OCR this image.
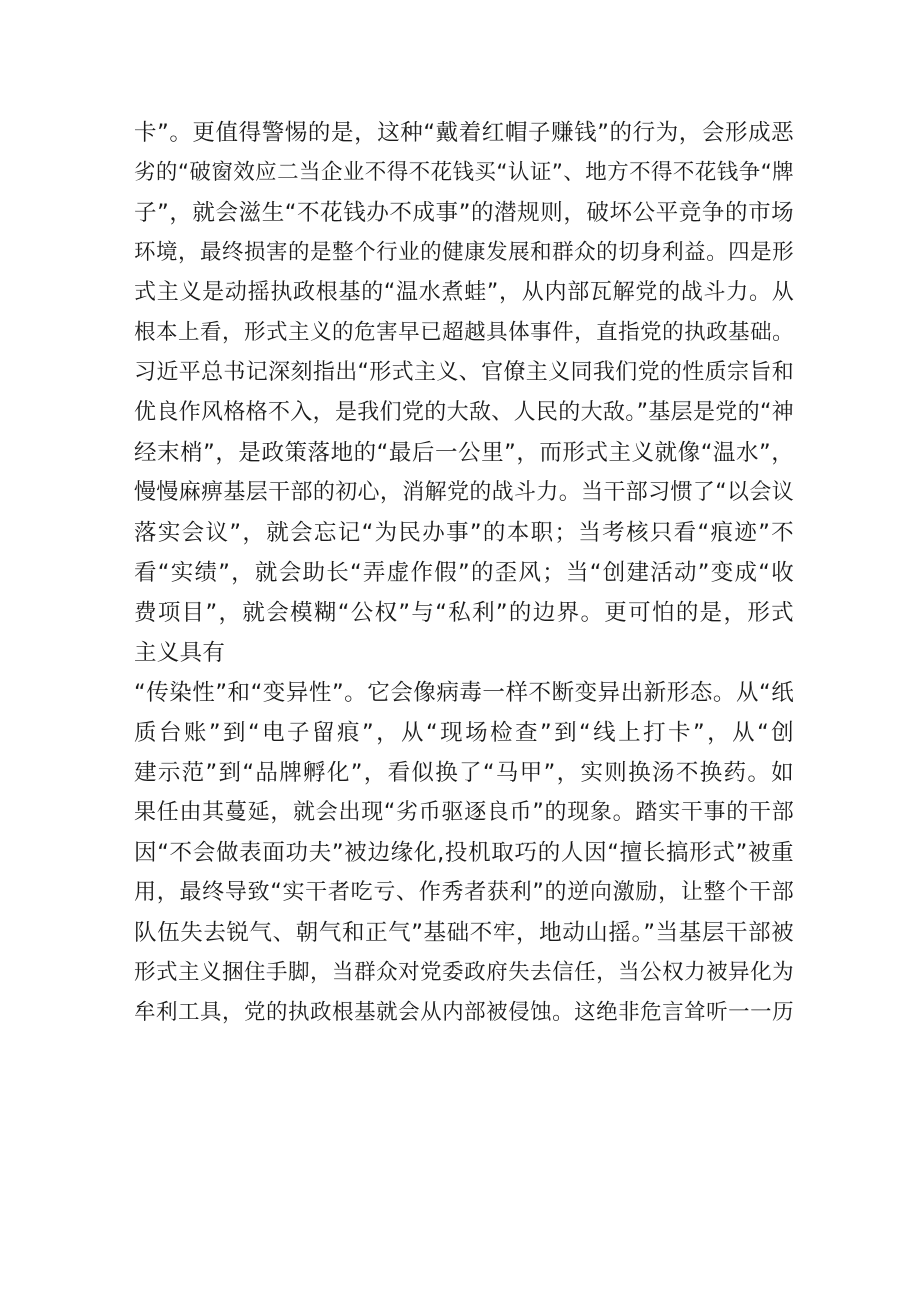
卡”。更值得警惕的是，这种“戴着红帽子赚钱”的行为，会形成恶
劣的“破窗效应二当企业不得不花钱买“认证”、地方不得不花钱争“牌
子”，就会滋生“不花钱办不成事”的潜规则，破坏公平竞争的市场
环境，最终损害的是整个行业的健康发展和群众的切身利益。四是形
式主义是动摇执政根基的“温水煮蛙”，从内部瓦解党的战斗力。从
根本上看，形式主义的危害早已超越具体事件，直指党的执政基础。
习近平总书记深刻指出“形式主义、官僚主义同我们党的性质宗旨和
优良作风格格不入，是我们党的大敌、人民的大敌。”基层是党的“神
经末梢”，是政策落地的“最后一公里”，而形式主义就像“温水”，
慢慢麻痹基层干部的初心，消解党的战斗力。当干部习惯了“以会议
落实会议”，就会忘记“为民办事”的本职；当考核只看“痕迹”不
看“实绩”，就会助长“弄虚作假”的歪风；当“创建活动”变成“收
费项目”，就会模糊“公权”与“私利”的边界。更可怕的是，形式
主义具有
“传染性”和“变异性”。它会像病毒一样不断变异出新形态。从“纸
质台账”到“电子留痕”，从“现场检查”到“线上打卡”，从“创
建示范”到“品牌孵化”，看似换了“马甲”，实则换汤不换药。如
果任由其蔓延，就会出现“劣币驱逐良币”的现象。踏实干事的干部
因“不会做表面功夫”被边缘化,投机取巧的人因“擅长搞形式”被重
用，最终导致“实干者吃亏、作秀者获利”的逆向激励，让整个干部
队伍失去锐气、朝气和正气”基础不牢，地动山摇。”当基层干部被
形式主义捆住手脚，当群众对党委政府失去信任，当公权力被异化为
牟利工具，党的执政根基就会从内部被侵蚀。这绝非危言耸听一一历
